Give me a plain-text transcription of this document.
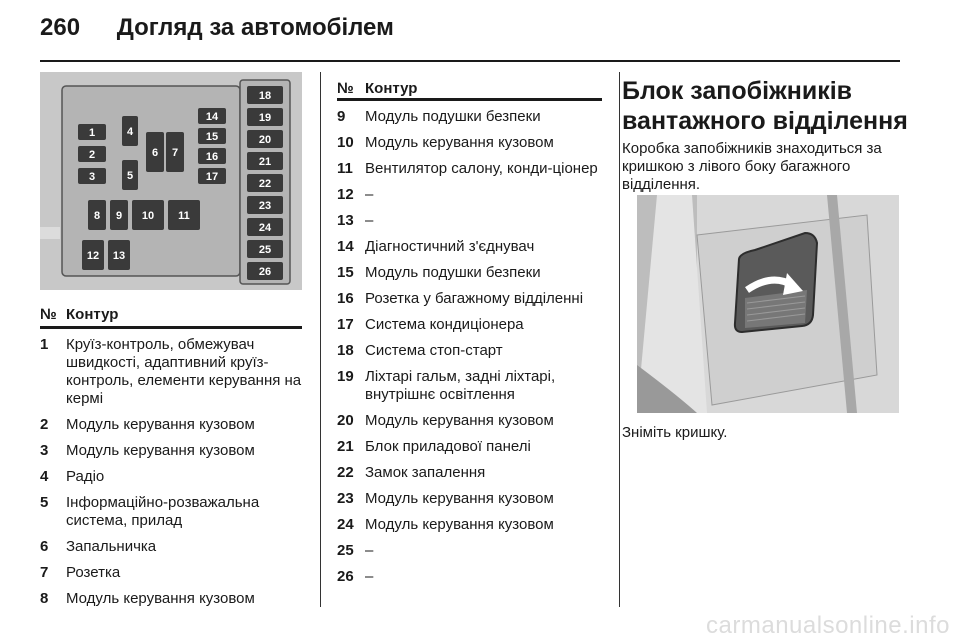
260 Догляд за автомобілем
1
2
3
4
5
6 7
8 9 10 11
12 13
14
15
16
17
18
19
20
21
22
23
24
25
26
№ Контур
1	Круїз-контроль, обмежувач швидкості, адаптивний круїз-контроль, елементи керування на кермі
2	Модуль керування кузовом
3	Модуль керування кузовом
4	Радіо
5	Інформаційно-розважальна система, прилад
6	Запальничка
7	Розетка
8	Модуль керування кузовом
№ Контур
9	Модуль подушки безпеки
10 Модуль керування кузовом
11 Вентилятор салону, конди-ціонер
12 –
13 –
14 Діагностичний з'єднувач
15 Модуль подушки безпеки
16 Розетка у багажному відділенні
17 Система кондиціонера
18 Система стоп-старт
19 Ліхтарі гальм, задні ліхтарі, внутрішнє освітлення
20 Модуль керування кузовом
21 Блок приладової панелі
22 Замок запалення
23 Модуль керування кузовом
24 Модуль керування кузовом
25 –
26 –
Блок запобіжників вантажного відділення
Коробка запобіжників знаходиться за кришкою з лівого боку багажного відділення.
Зніміть кришку.
carmanualsonline.info
